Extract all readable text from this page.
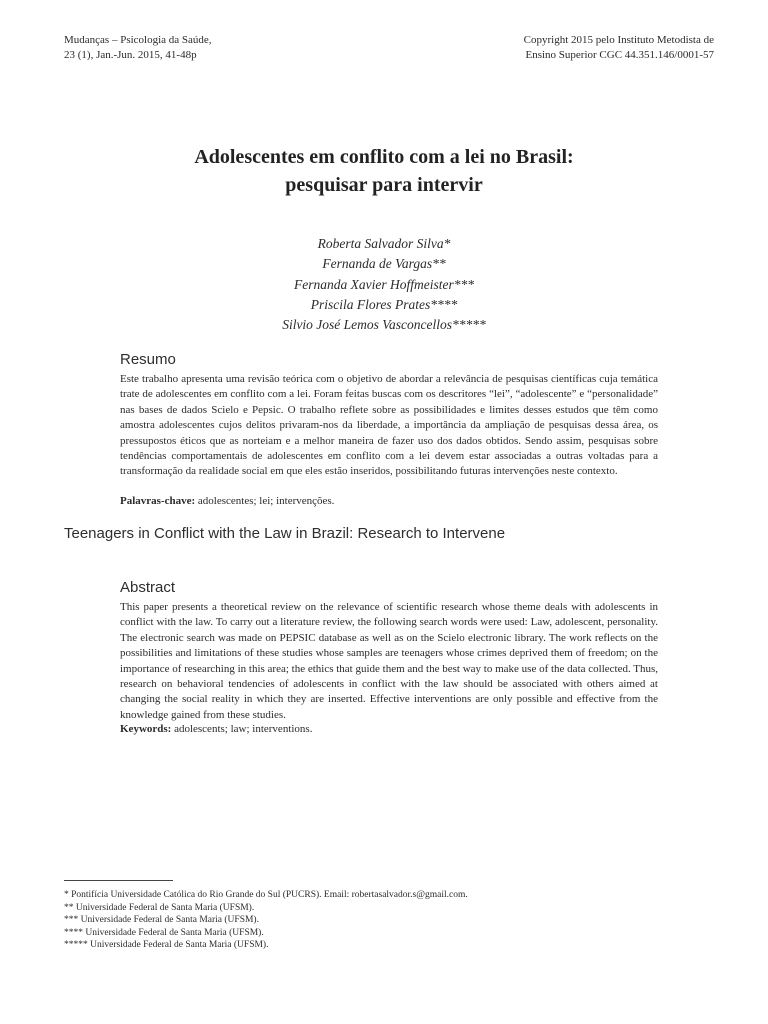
Mudanças – Psicologia da Saúde,
23 (1), Jan.-Jun. 2015, 41-48p
Copyright 2015 pelo Instituto Metodista de
Ensino Superior CGC 44.351.146/0001-57
Adolescentes em conflito com a lei no Brasil:
pesquisar para intervir
Roberta Salvador Silva*
Fernanda de Vargas**
Fernanda Xavier Hoffmeister***
Priscila Flores Prates****
Silvio José Lemos Vasconcellos*****
Resumo
Este trabalho apresenta uma revisão teórica com o objetivo de abordar a relevância de pesquisas científicas cuja temática trate de adolescentes em conflito com a lei. Foram feitas buscas com os descritores “lei”, “adolescente” e “personalidade” nas bases de dados Scielo e Pepsic. O trabalho reflete sobre as possibilidades e limites desses estudos que têm como amostra adolescentes cujos delitos privaram-nos da liberdade, a importância da ampliação de pesquisas dessa área, os pressupostos éticos que as norteiam e a melhor maneira de fazer uso dos dados obtidos. Sendo assim, pesquisas sobre tendências comportamentais de adolescentes em conflito com a lei devem estar associadas a outras voltadas para a transformação da realidade social em que eles estão inseridos, possibilitando futuras intervenções neste contexto.
Palavras-chave: adolescentes; lei; intervenções.
Teenagers in Conflict with the Law in Brazil: Research to Intervene
Abstract
This paper presents a theoretical review on the relevance of scientific research whose theme deals with adolescents in conflict with the law. To carry out a literature review, the following search words were used: Law, adolescent, personality. The electronic search was made on PEPSIC database as well as on the Scielo electronic library. The work reflects on the possibilities and limitations of these studies whose samples are teenagers whose crimes deprived them of freedom; on the importance of researching in this area; the ethics that guide them and the best way to make use of the data collected. Thus, research on behavioral tendencies of adolescents in conflict with the law should be associated with others aimed at changing the social reality in which they are inserted. Effective interventions are only possible and effective from the knowledge gained from these studies.
Keywords: adolescents; law; interventions.
* Pontifícia Universidade Católica do Rio Grande do Sul (PUCRS). Email: robertasalvador.s@gmail.com.
** Universidade Federal de Santa Maria (UFSM).
*** Universidade Federal de Santa Maria (UFSM).
**** Universidade Federal de Santa Maria (UFSM).
***** Universidade Federal de Santa Maria (UFSM).
